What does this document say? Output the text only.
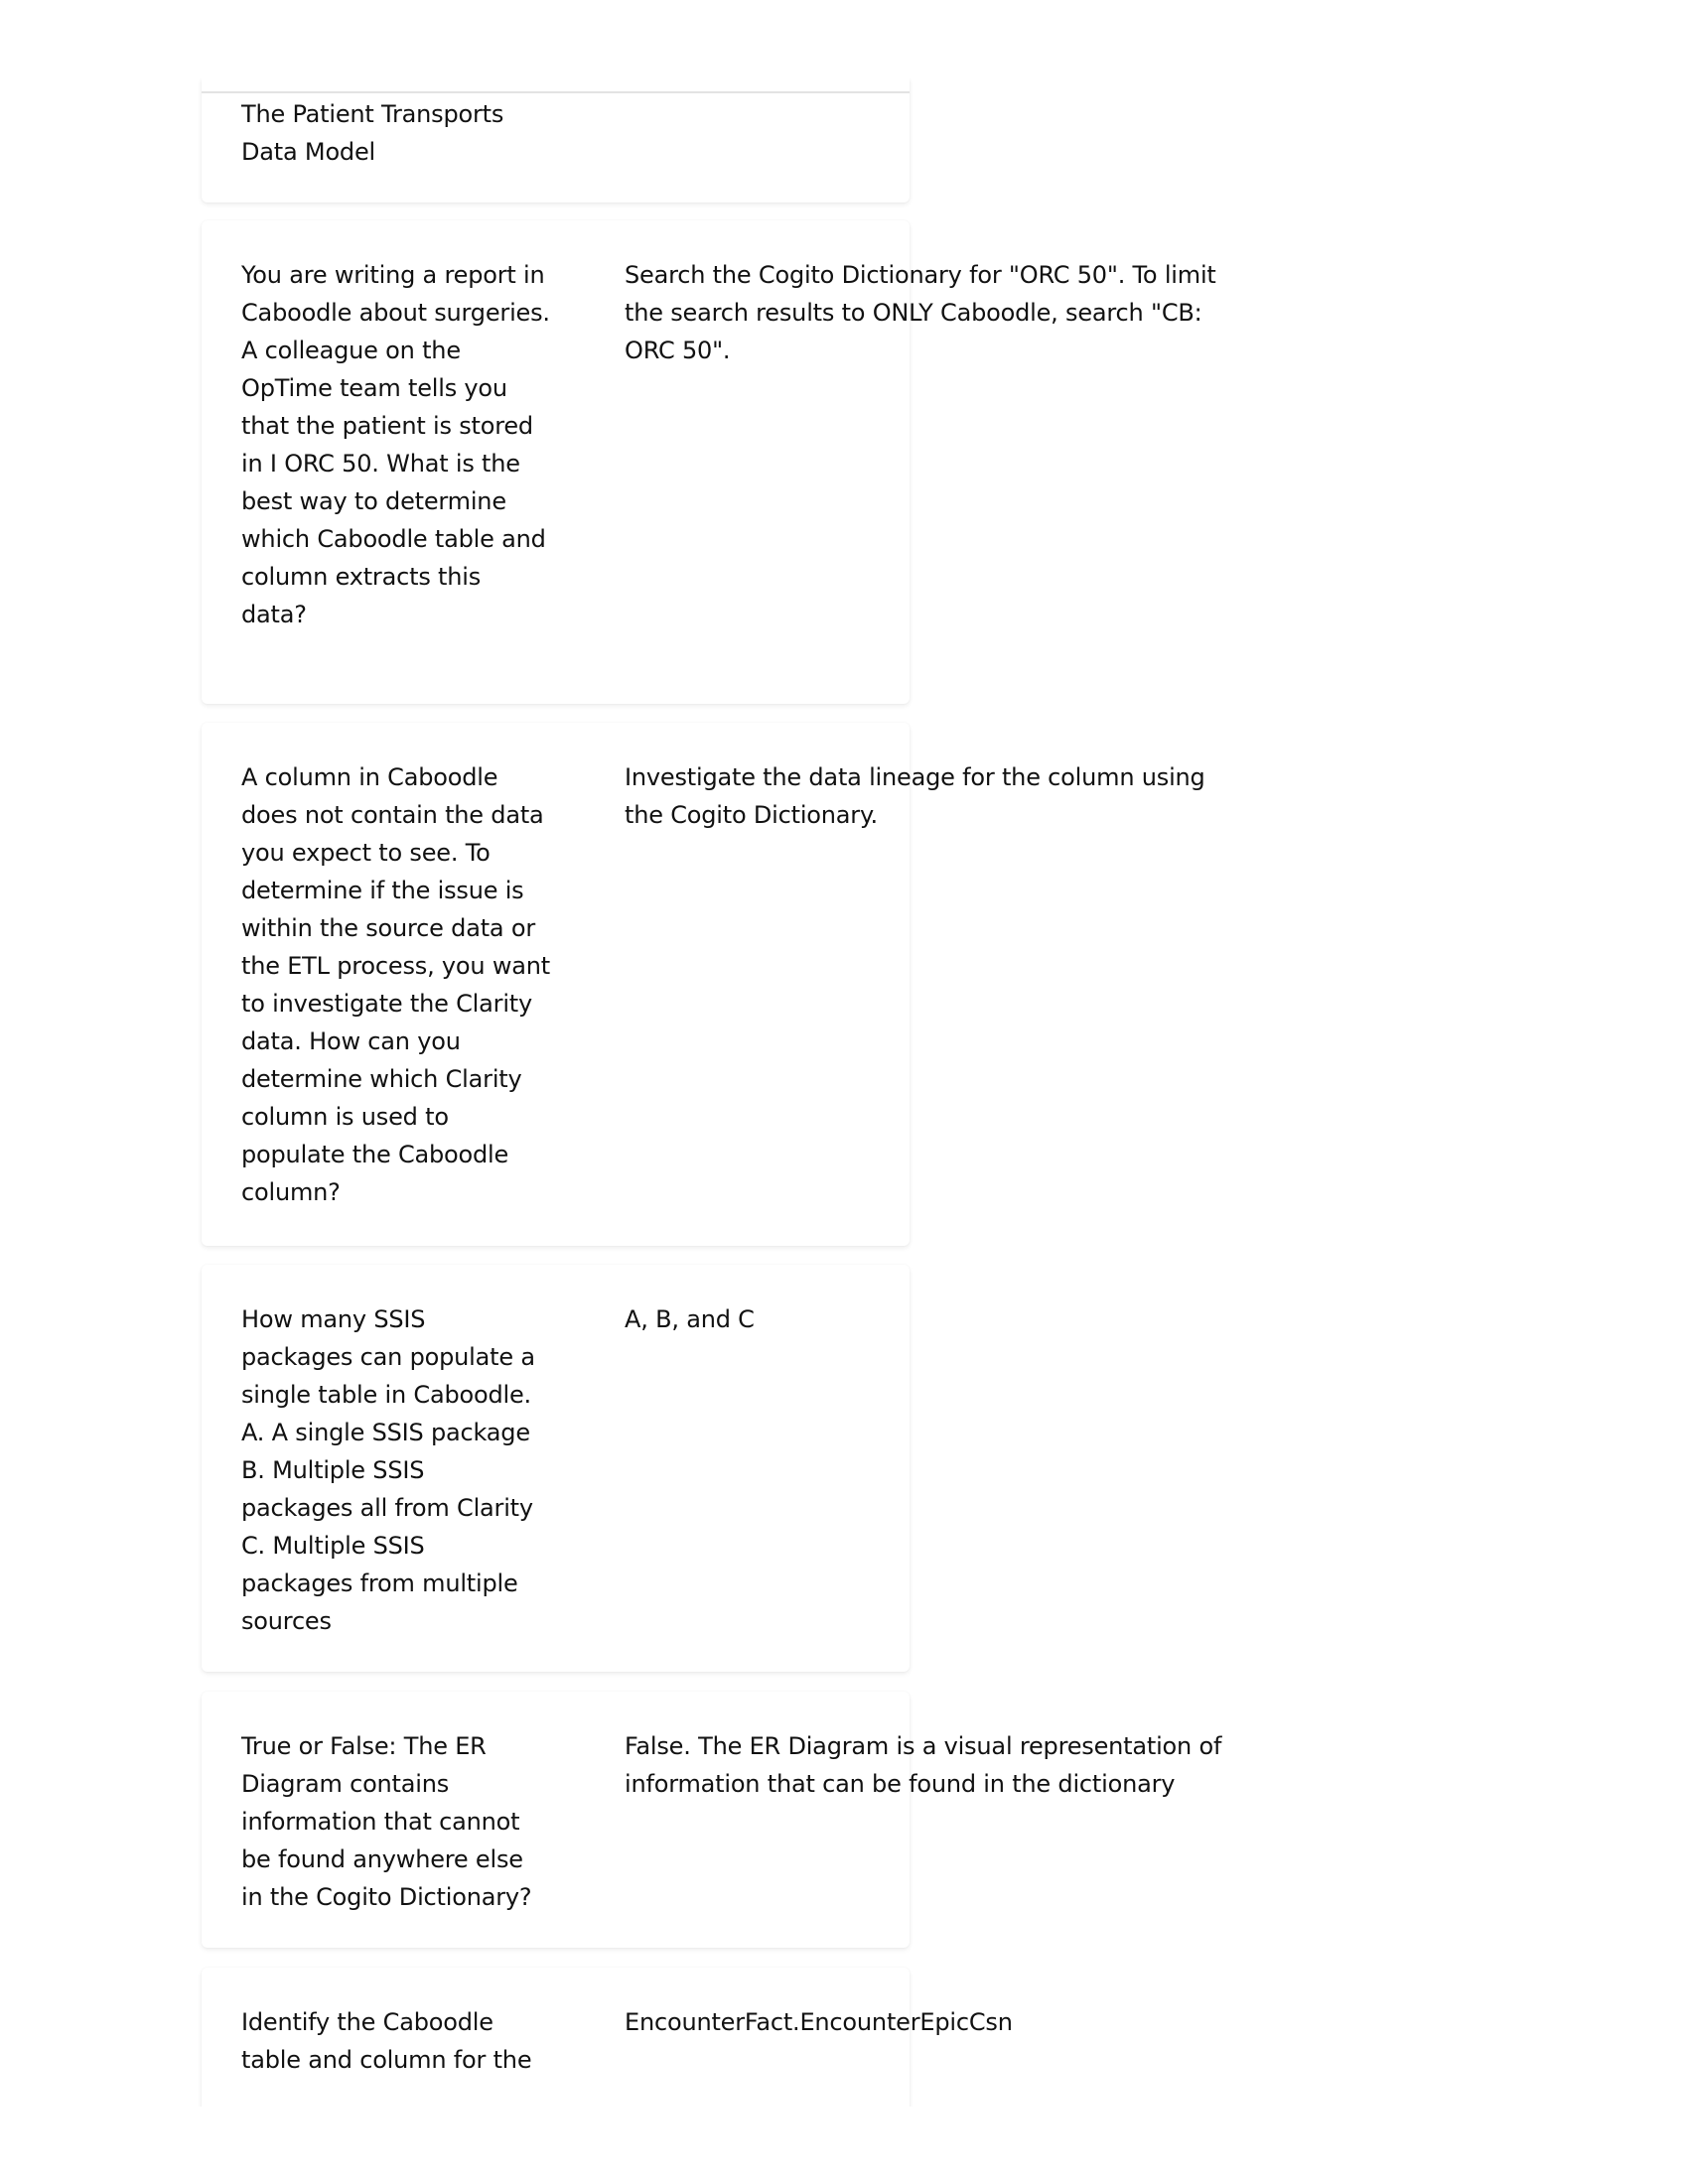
The Patient Transports Data Model
You are writing a report in Caboodle about surgeries. A colleague on the OpTime team tells you that the patient is stored in I ORC 50. What is the best way to determine which Caboodle table and column extracts this data?
Search the Cogito Dictionary for "ORC 50". To limit the search results to ONLY Caboodle, search "CB: ORC 50".
A column in Caboodle does not contain the data you expect to see. To determine if the issue is within the source data or the ETL process, you want to investigate the Clarity data. How can you determine which Clarity column is used to populate the Caboodle column?
Investigate the data lineage for the column using the Cogito Dictionary.
How many SSIS
packages can populate a
single table in Caboodle.
A. A single SSIS package
B. Multiple SSIS
packages all from Clarity
C. Multiple SSIS
packages from multiple
sources
A, B, and C
True or False: The ER Diagram contains information that cannot be found anywhere else in the Cogito Dictionary?
False. The ER Diagram is a visual representation of information that can be found in the dictionary
Identify the Caboodle table and column for the
EncounterFact.EncounterEpicCsn
